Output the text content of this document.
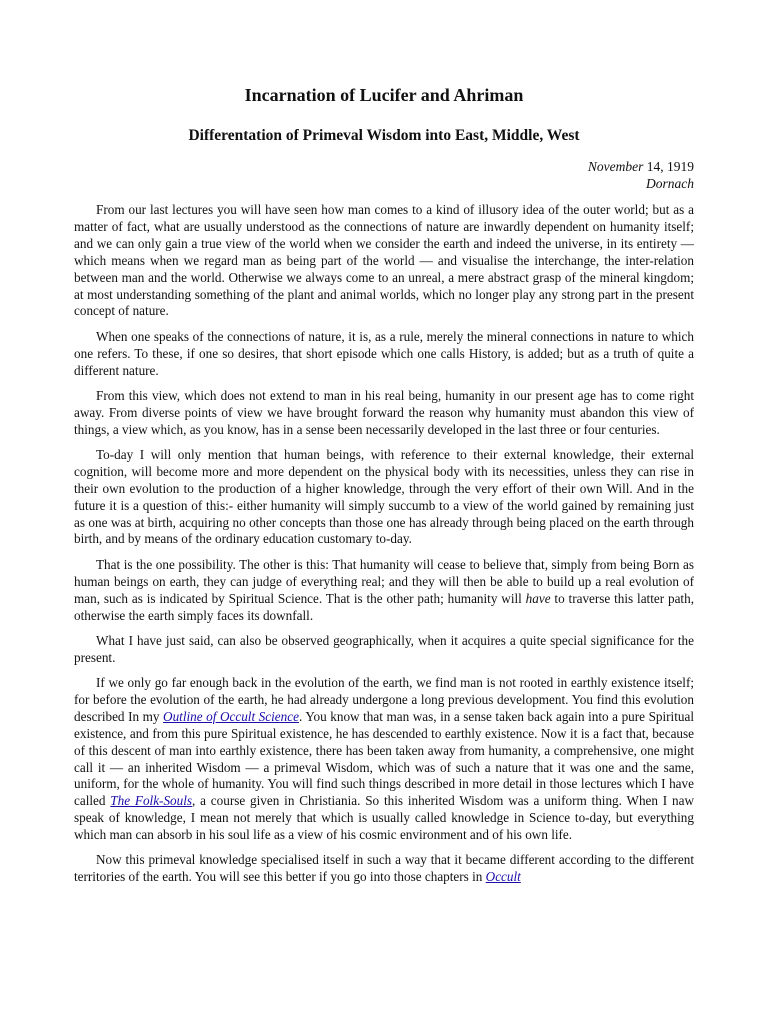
Incarnation of Lucifer and Ahriman
Differentation of Primeval Wisdom into East, Middle, West
November 14, 1919
Dornach

From our last lectures you will have seen how man comes to a kind of illusory idea of the outer world; but as a matter of fact, what are usually understood as the connections of nature are inwardly dependent on humanity itself; and we can only gain a true view of the world when we consider the earth and indeed the universe, in its entirety — which means when we regard man as being part of the world — and visualise the interchange, the inter-relation between man and the world. Otherwise we always come to an unreal, a mere abstract grasp of the mineral kingdom; at most understanding something of the plant and animal worlds, which no longer play any strong part in the present concept of nature.

When one speaks of the connections of nature, it is, as a rule, merely the mineral connections in nature to which one refers. To these, if one so desires, that short episode which one calls History, is added; but as a truth of quite a different nature.

From this view, which does not extend to man in his real being, humanity in our present age has to come right away. From diverse points of view we have brought forward the reason why humanity must abandon this view of things, a view which, as you know, has in a sense been necessarily developed in the last three or four centuries.

To-day I will only mention that human beings, with reference to their external knowledge, their external cognition, will become more and more dependent on the physical body with its necessities, unless they can rise in their own evolution to the production of a higher knowledge, through the very effort of their own Will. And in the future it is a question of this:- either humanity will simply succumb to a view of the world gained by remaining just as one was at birth, acquiring no other concepts than those one has already through being placed on the earth through birth, and by means of the ordinary education customary to-day.

That is the one possibility. The other is this: That humanity will cease to believe that, simply from being Born as human beings on earth, they can judge of everything real; and they will then be able to build up a real evolution of man, such as is indicated by Spiritual Science. That is the other path; humanity will have to traverse this latter path, otherwise the earth simply faces its downfall.

What I have just said, can also be observed geographically, when it acquires a quite special significance for the present.

If we only go far enough back in the evolution of the earth, we find man is not rooted in earthly existence itself; for before the evolution of the earth, he had already undergone a long previous development. You find this evolution described In my Outline of Occult Science. You know that man was, in a sense taken back again into a pure Spiritual existence, and from this pure Spiritual existence, he has descended to earthly existence. Now it is a fact that, because of this descent of man into earthly existence, there has been taken away from humanity, a comprehensive, one might call it — an inherited Wisdom — a primeval Wisdom, which was of such a nature that it was one and the same, uniform, for the whole of humanity. You will find such things described in more detail in those lectures which I have called The Folk-Souls, a course given in Christiania. So this inherited Wisdom was a uniform thing. When I naw speak of knowledge, I mean not merely that which is usually called knowledge in Science to-day, but everything which man can absorb in his soul life as a view of his cosmic environment and of his own life.

Now this primeval knowledge specialised itself in such a way that it became different according to the different territories of the earth. You will see this better if you go into those chapters in Occult
